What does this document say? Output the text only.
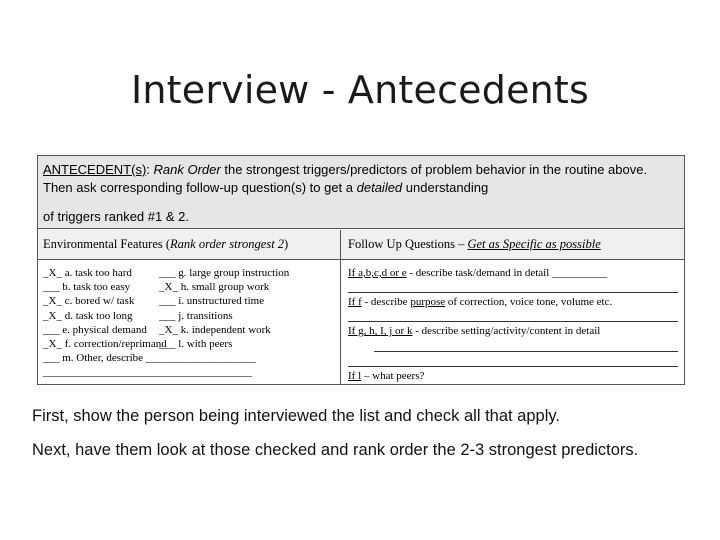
Interview - Antecedents
ANTECEDENT(s): Rank Order the strongest triggers/predictors of problem behavior in the routine above. Then ask corresponding follow-up question(s) to get a detailed understanding
of triggers ranked #1 & 2.
Environmental Features (Rank order strongest 2)	Follow Up Questions – Get as Specific as possible
_X_ a. task too hard ___ g. large group instruction
___ b. task too easy	_X_ h. small group work
_X_ c. bored w/ task ___ i. unstructured time
_X_ d. task too long ___ j. transitions
___ e. physical demand _X_ k. independent work
_X_ f. correction/reprimand
___ l. with peers
___ m. Other, describe ____________________
______________________________________
If a,b,c,d or e - describe task/demand in detail __________
If f - describe purpose of correction, voice tone, volume etc.
If g, h, I, j or k - describe setting/activity/content in detail
If l – what peers?
First, show the person being interviewed the list and check all that apply.
Next, have them look at those checked and rank order the 2-3 strongest predictors.
